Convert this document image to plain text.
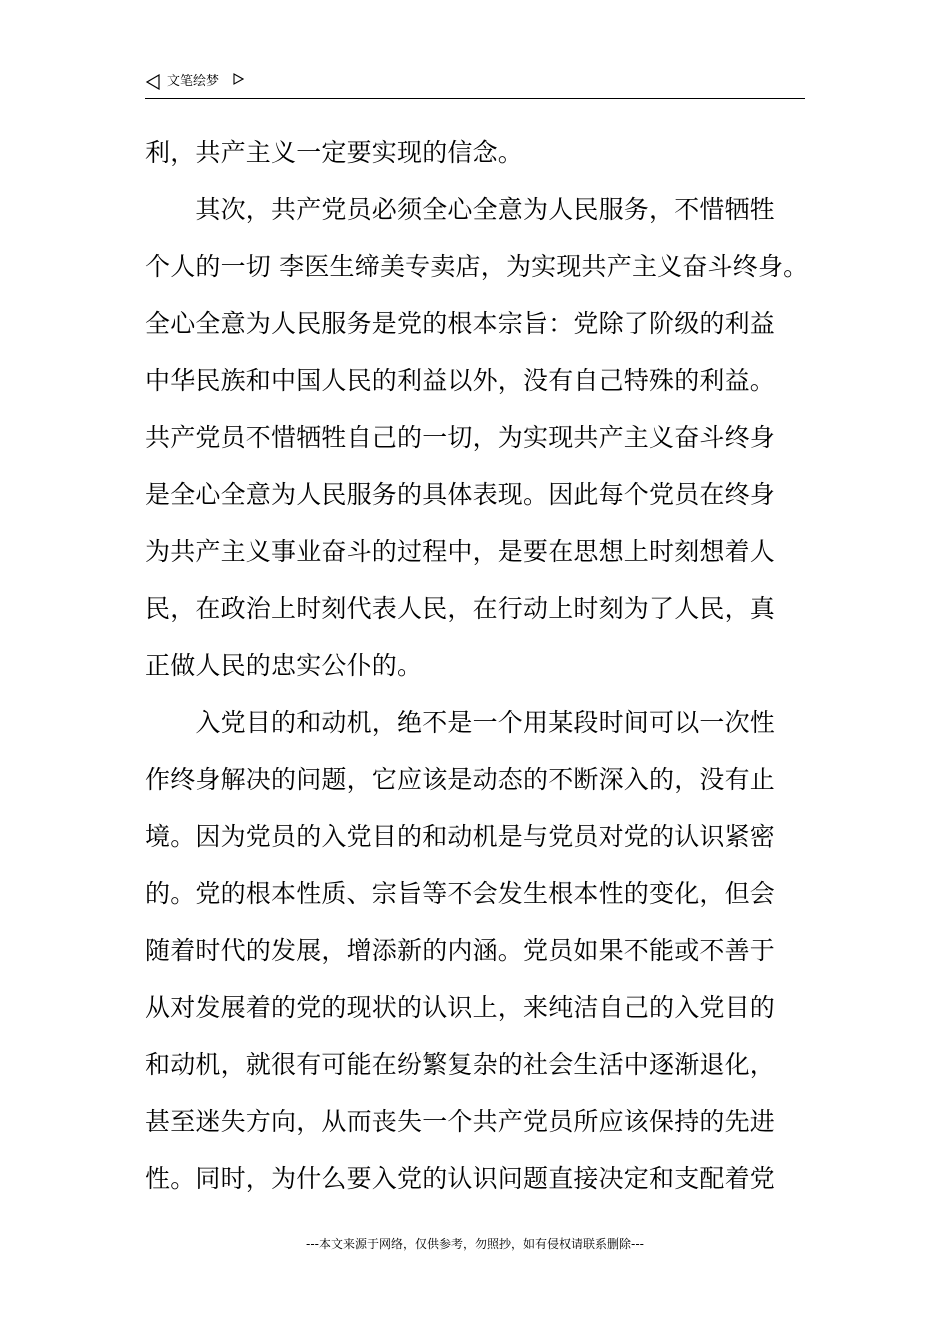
文笔绘梦
利，共产主义一定要实现的信念。
　　其次，共产党员必须全心全意为人民服务，不惜牺牲
个人的一切 李医生缔美专卖店，为实现共产主义奋斗终身。
全心全意为人民服务是党的根本宗旨：党除了阶级的利益
中华民族和中国人民的利益以外，没有自己特殊的利益。
共产党员不惜牺牲自己的一切，为实现共产主义奋斗终身
是全心全意为人民服务的具体表现。因此每个党员在终身
为共产主义事业奋斗的过程中，是要在思想上时刻想着人
民，在政治上时刻代表人民，在行动上时刻为了人民，真
正做人民的忠实公仆的。
　　入党目的和动机，绝不是一个用某段时间可以一次性
作终身解决的问题，它应该是动态的不断深入的，没有止
境。因为党员的入党目的和动机是与党员对党的认识紧密
的。党的根本性质、宗旨等不会发生根本性的变化，但会
随着时代的发展，增添新的内涵。党员如果不能或不善于
从对发展着的党的现状的认识上，来纯洁自己的入党目的
和动机，就很有可能在纷繁复杂的社会生活中逐渐退化，
甚至迷失方向，从而丧失一个共产党员所应该保持的先进
性。同时，为什么要入党的认识问题直接决定和支配着党
---本文来源于网络，仅供参考，勿照抄，如有侵权请联系删除---
